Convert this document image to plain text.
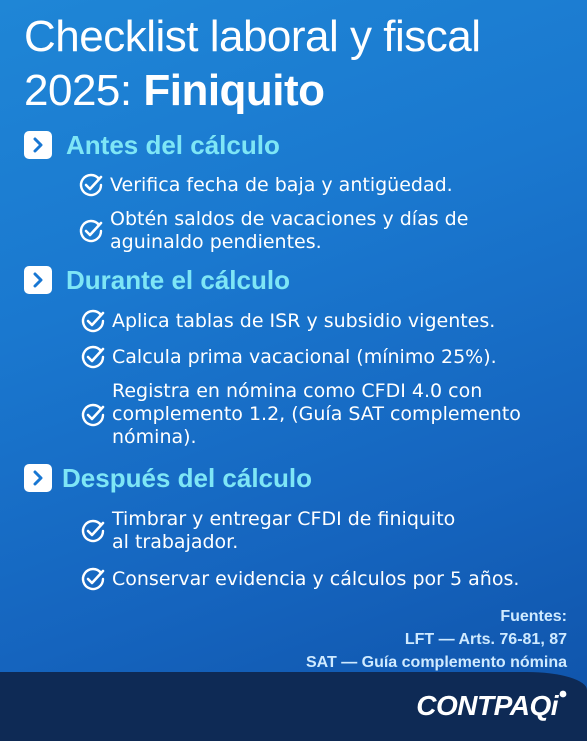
Checklist laboral y fiscal 2025: Finiquito
Antes del cálculo
Verifica fecha de baja y antigüedad.
Obtén saldos de vacaciones y días de aguinaldo pendientes.
Durante el cálculo
Aplica tablas de ISR y subsidio vigentes.
Calcula prima vacacional (mínimo 25%).
Registra en nómina como CFDI 4.0 con complemento 1.2, (Guía SAT complemento nómina).
Después del cálculo
Timbrar y entregar CFDI de finiquito al trabajador.
Conservar evidencia y cálculos por 5 años.
Fuentes:
LFT — Arts. 76-81, 87
SAT — Guía complemento nómina
CONTPAQi
